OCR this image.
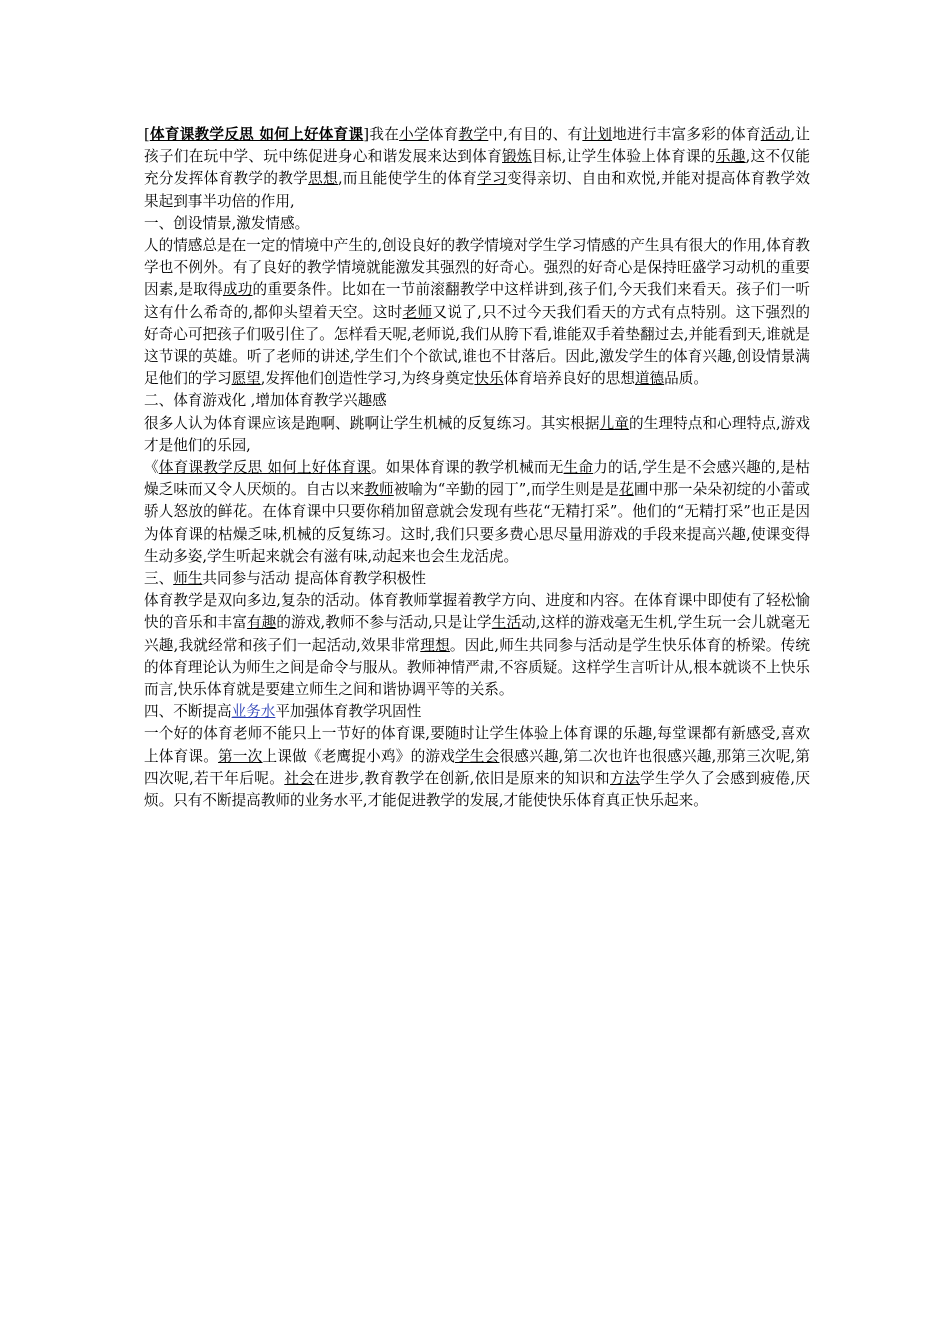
[体育课教学反思 如何上好体育课]我在小学体育教学中,有目的、有计划地进行丰富多彩的体育活动,让孩子们在玩中学、玩中练促进身心和谐发展来达到体育锻炼目标,让学生体验上体育课的乐趣,这不仅能充分发挥体育教学的教学思想,而且能使学生的体育学习变得亲切、自由和欢悦,并能对提高体育教学效果起到事半功倍的作用,

一、创设情景,激发情感。

人的情感总是在一定的情境中产生的,创设良好的教学情境对学生学习情感的产生具有很大的作用,体育教学也不例外。有了良好的教学情境就能激发其强烈的好奇心。强烈的好奇心是保持旺盛学习动机的重要因素,是取得成功的重要条件。比如在一节前滚翻教学中这样讲到,孩子们,今天我们来看天。孩子们一听这有什么希奇的,都仰头望着天空。这时老师又说了,只不过今天我们看天的方式有点特别。这下强烈的好奇心可把孩子们吸引住了。怎样看天呢,老师说,我们从胯下看,谁能双手着垫翻过去,并能看到天,谁就是这节课的英雄。听了老师的讲述,学生们个个欲试,谁也不甘落后。因此,激发学生的体育兴趣,创设情景满足他们的学习愿望,发挥他们创造性学习,为终身奠定快乐体育培养良好的思想道德品质。

二、体育游戏化 ,增加体育教学兴趣感

很多人认为体育课应该是跑啊、跳啊让学生机械的反复练习。其实根据儿童的生理特点和心理特点,游戏才是他们的乐园,

《体育课教学反思 如何上好体育课。如果体育课的教学机械而无生命力的话,学生是不会感兴趣的,是枯燥乏味而又令人厌烦的。自古以来教师被喻为“辛勤的园丁”,而学生则是是花圃中那一朵朵初绽的小蕾或骄人怒放的鲜花。在体育课中只要你稍加留意就会发现有些花“无精打采”。他们的“无精打采”也正是因为体育课的枯燥乏味,机械的反复练习。这时,我们只要多费心思尽量用游戏的手段来提高兴趣,使课变得生动多姿,学生听起来就会有滋有味,动起来也会生龙活虎。

三、师生共同参与活动 提高体育教学积极性

体育教学是双向多边,复杂的活动。体育教师掌握着教学方向、进度和内容。在体育课中即使有了轻松愉快的音乐和丰富有趣的游戏,教师不参与活动,只是让学生活动,这样的游戏毫无生机,学生玩一会儿就毫无兴趣,我就经常和孩子们一起活动,效果非常理想。因此,师生共同参与活动是学生快乐体育的桥梁。传统的体育理论认为师生之间是命令与服从。教师神情严肃,不容质疑。这样学生言听计从,根本就谈不上快乐而言,快乐体育就是要建立师生之间和谐协调平等的关系。

四、不断提高业务水平加强体育教学巩固性

一个好的体育老师不能只上一节好的体育课,要随时让学生体验上体育课的乐趣,每堂课都有新感受,喜欢上体育课。第一次上课做《老鹰捉小鸡》的游戏学生会很感兴趣,第二次也许也很感兴趣,那第三次呢,第四次呢,若干年后呢。社会在进步,教育教学在创新,依旧是原来的知识和方法学生学久了会感到疲倦,厌烦。只有不断提高教师的业务水平,才能促进教学的发展,才能使快乐体育真正快乐起来。
